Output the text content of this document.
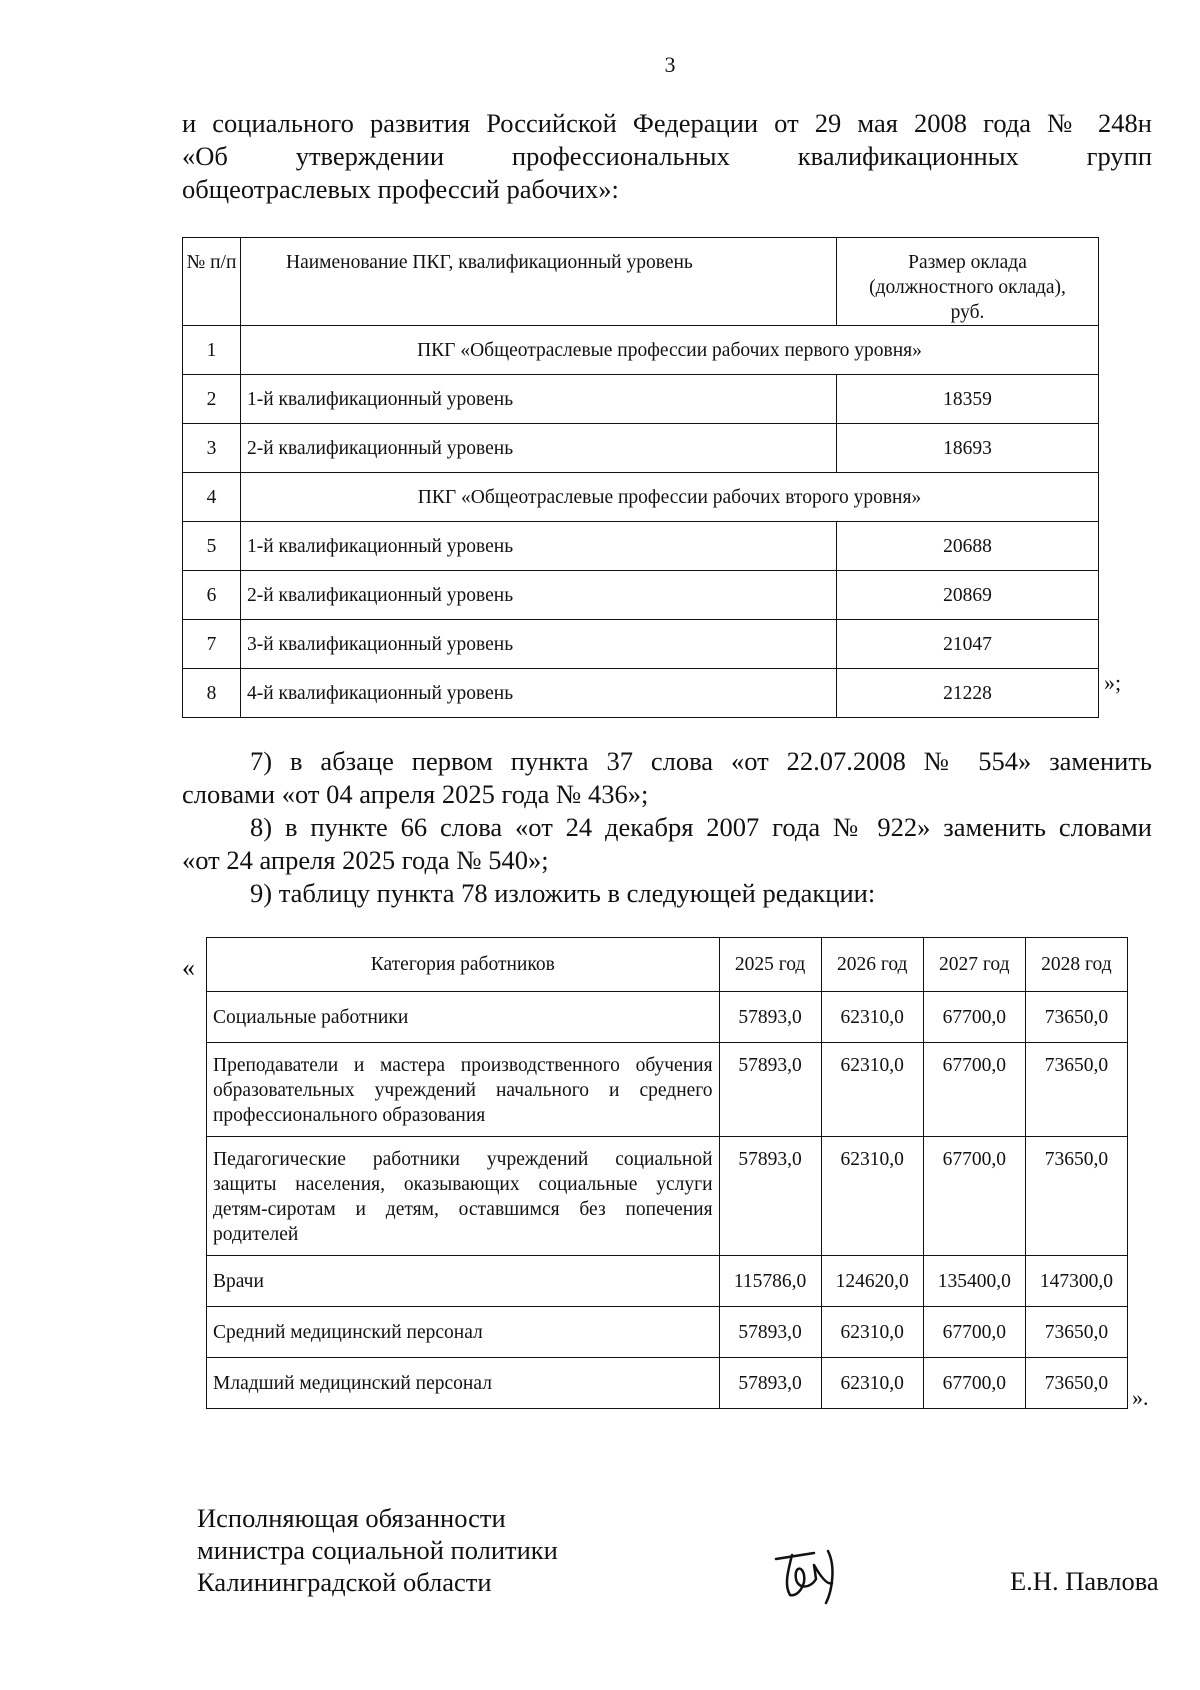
3
и социального развития Российской Федерации от 29 мая 2008 года № 248н
«Об утверждении профессиональных квалификационных групп
общеотраслевых профессий рабочих»:
№ п/п	Наименование ПКГ, квалификационный уровень	Размер оклада (должностного оклада), руб.
1	ПКГ «Общеотраслевые профессии рабочих первого уровня»	
2	1-й квалификационный уровень	18359
3	2-й квалификационный уровень	18693
4	ПКГ «Общеотраслевые профессии рабочих второго уровня»	
5	1-й квалификационный уровень	20688
6	2-й квалификационный уровень	20869
7	3-й квалификационный уровень	21047
8	4-й квалификационный уровень	21228	»;
7) в абзаце первом пункта 37 слова «от 22.07.2008 № 554» заменить
словами «от 04 апреля 2025 года № 436»;
8) в пункте 66 слова «от 24 декабря 2007 года № 922» заменить словами
«от 24 апреля 2025 года № 540»;
9) таблицу пункта 78 изложить в следующей редакции:
«	Категория работников	2025 год	2026 год	2027 год	2028 год
Социальные работники	57893,0	62310,0	67700,0	73650,0
Преподаватели и мастера производственного обучения образовательных учреждений начального и среднего профессионального образования	57893,0	62310,0	67700,0	73650,0
Педагогические работники учреждений социальной защиты населения, оказывающих социальные услуги детям-сиротам и детям, оставшимся без попечения родителей	57893,0	62310,0	67700,0	73650,0
Врачи	115786,0	124620,0	135400,0	147300,0
Средний медицинский персонал	57893,0	62310,0	67700,0	73650,0
Младший медицинский персонал	57893,0	62310,0	67700,0	73650,0
».
Исполняющая обязанности
министра социальной политики
Калининградской области	Е.Н. Павлова
